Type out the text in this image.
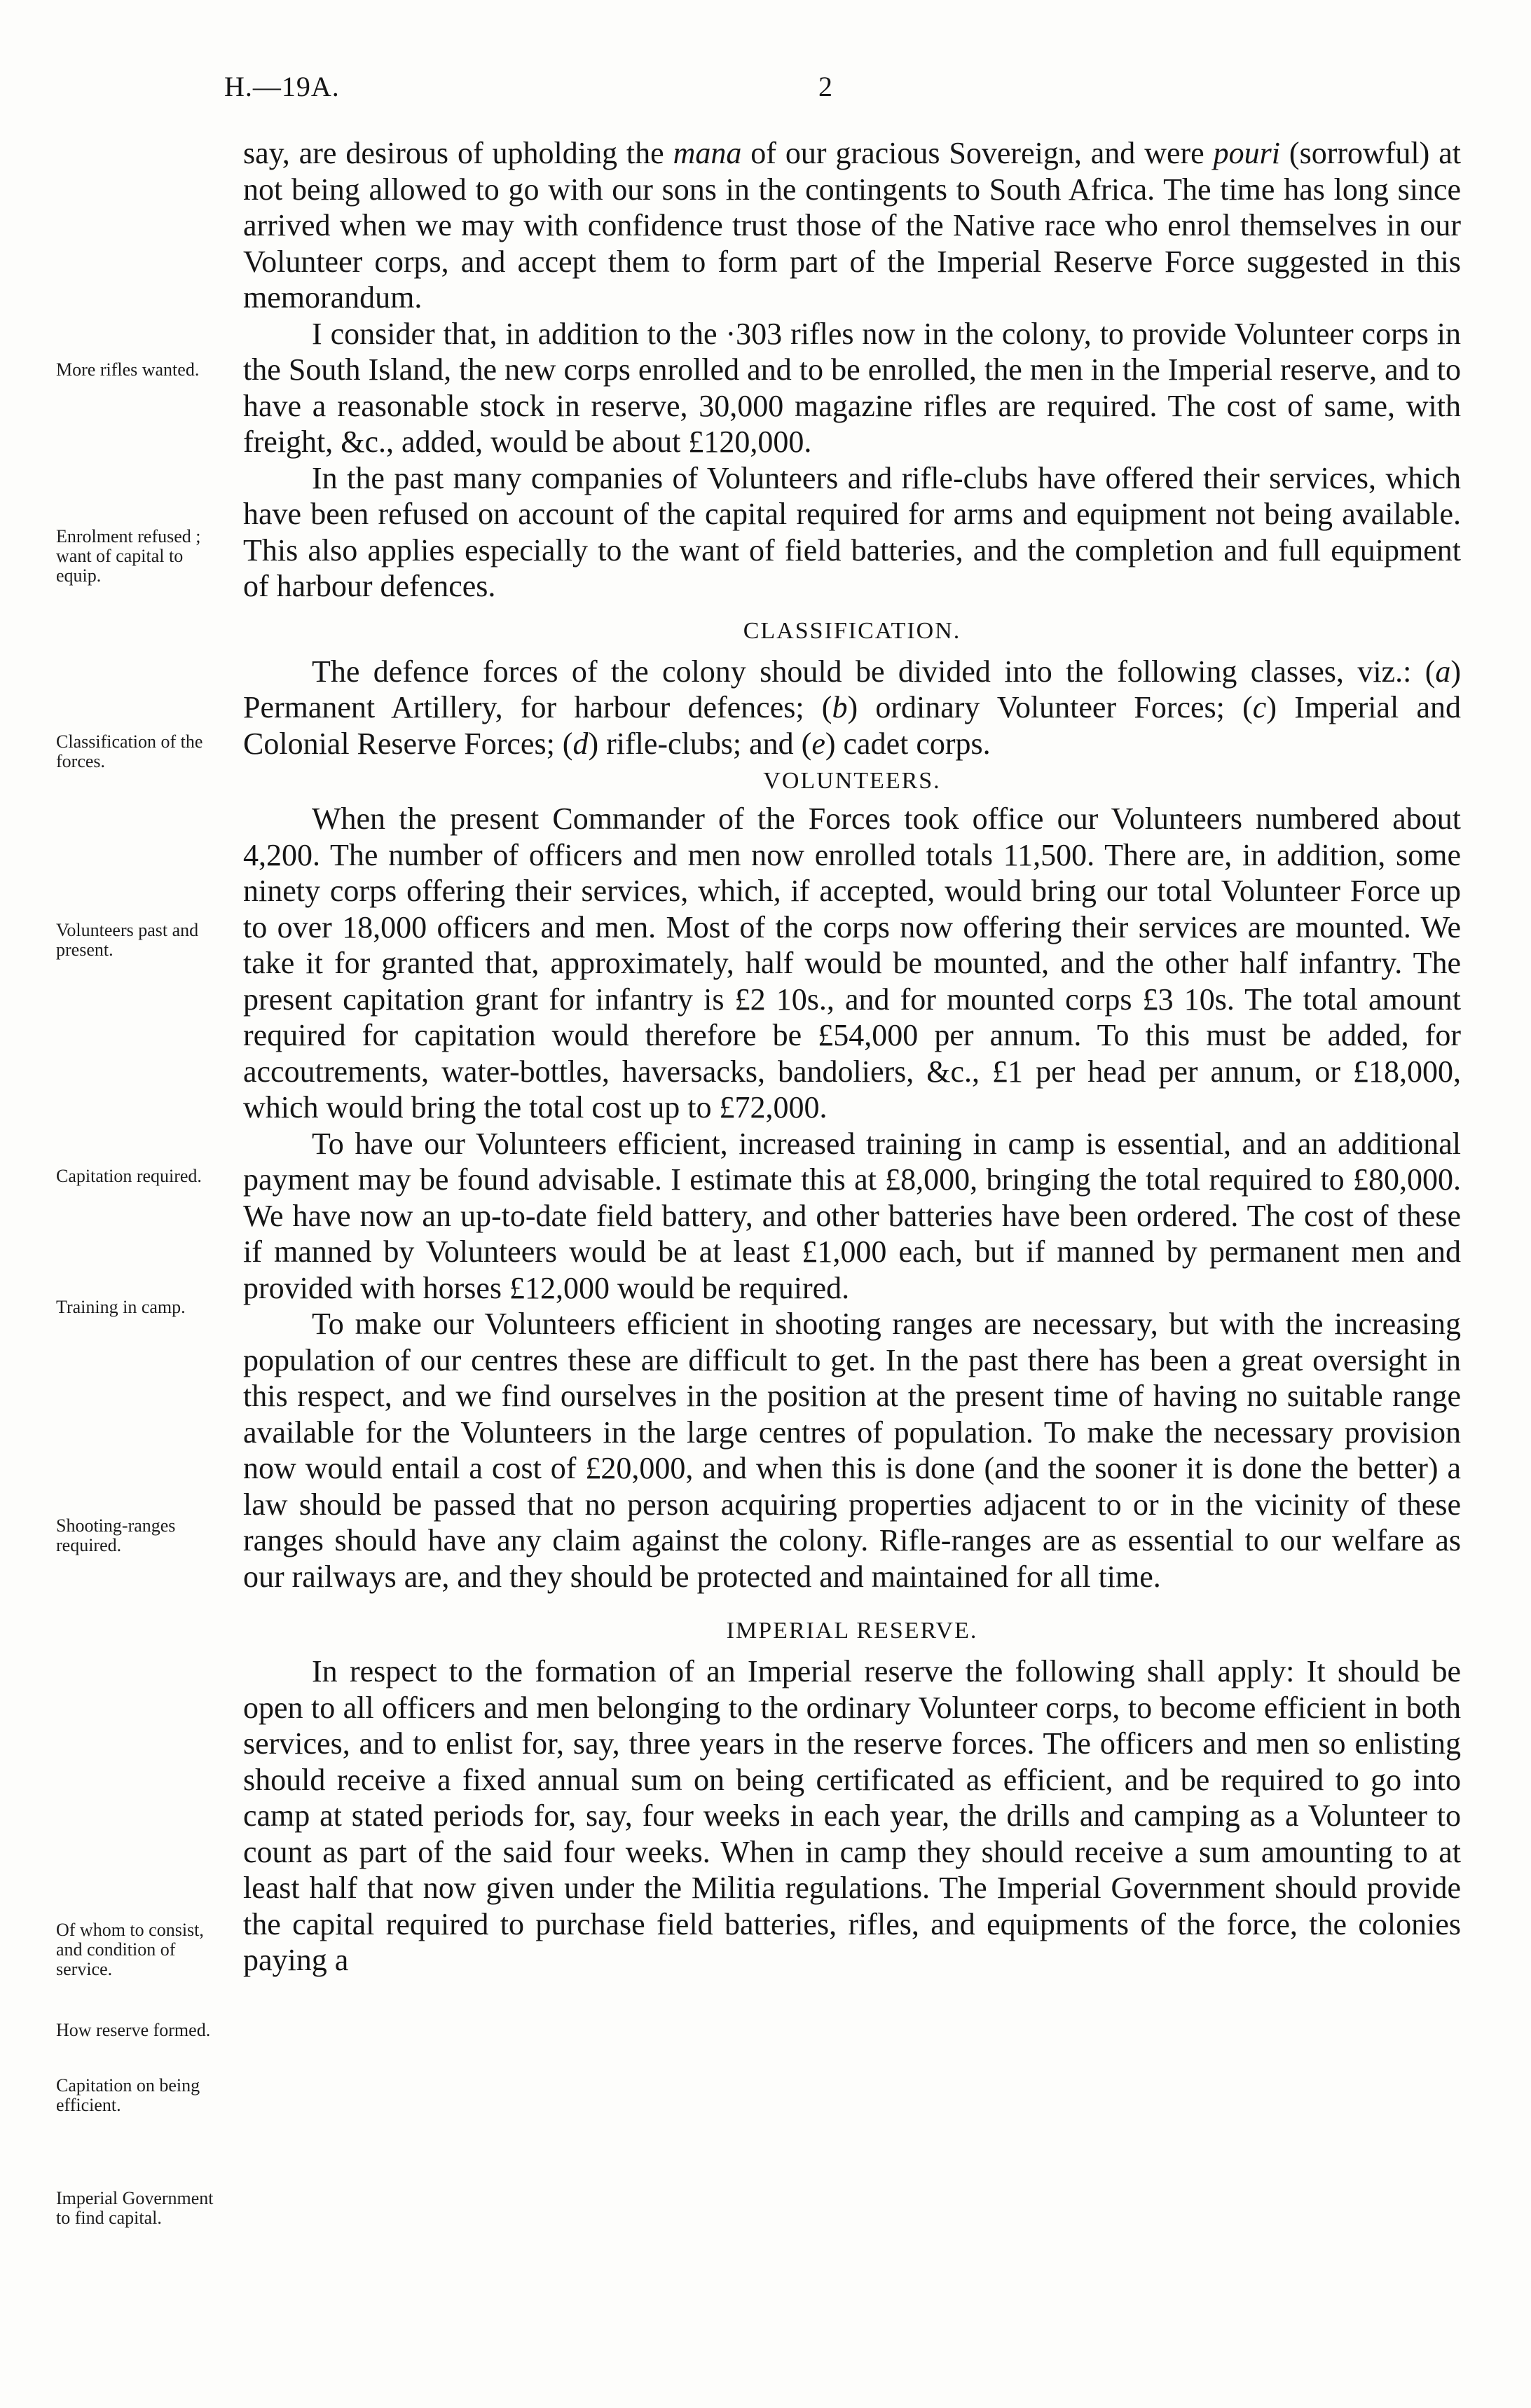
H.—19A.	2
More rifles wanted.
Enrolment refused ; want of capital to equip.
Classification of the forces.
Volunteers past and present.
Capitation required.
Training in camp.
Shooting-ranges required.
Of whom to consist, and condition of service.
How reserve formed.
Capitation on being efficient.
Imperial Government to find capital.

say, are desirous of upholding the mana of our gracious Sovereign, and were pouri (sorrowful) at not being allowed to go with our sons in the contingents to South Africa. The time has long since arrived when we may with confidence trust those of the Native race who enrol themselves in our Volunteer corps, and accept them to form part of the Imperial Reserve Force suggested in this memorandum.

I consider that, in addition to the ·303 rifles now in the colony, to provide Volunteer corps in the South Island, the new corps enrolled and to be enrolled, the men in the Imperial reserve, and to have a reasonable stock in reserve, 30,000 magazine rifles are required. The cost of same, with freight, &c., added, would be about £120,000.

In the past many companies of Volunteers and rifle-clubs have offered their services, which have been refused on account of the capital required for arms and equipment not being available. This also applies especially to the want of field batteries, and the completion and full equipment of harbour defences.

CLASSIFICATION.

The defence forces of the colony should be divided into the following classes, viz.: (a) Permanent Artillery, for harbour defences; (b) ordinary Volunteer Forces; (c) Imperial and Colonial Reserve Forces; (d) rifle-clubs; and (e) cadet corps.

VOLUNTEERS.

When the present Commander of the Forces took office our Volunteers numbered about 4,200. The number of officers and men now enrolled totals 11,500. There are, in addition, some ninety corps offering their services, which, if accepted, would bring our total Volunteer Force up to over 18,000 officers and men. Most of the corps now offering their services are mounted. We take it for granted that, approximately, half would be mounted, and the other half infantry. The present capitation grant for infantry is £2 10s., and for mounted corps £3 10s. The total amount required for capitation would therefore be £54,000 per annum. To this must be added, for accoutrements, water-bottles, haversacks, bandoliers, &c., £1 per head per annum, or £18,000, which would bring the total cost up to £72,000.

To have our Volunteers efficient, increased training in camp is essential, and an additional payment may be found advisable. I estimate this at £8,000, bringing the total required to £80,000. We have now an up-to-date field battery, and other batteries have been ordered. The cost of these if manned by Volunteers would be at least £1,000 each, but if manned by permanent men and provided with horses £12,000 would be required.

To make our Volunteers efficient in shooting ranges are necessary, but with the increasing population of our centres these are difficult to get. In the past there has been a great oversight in this respect, and we find ourselves in the position at the present time of having no suitable range available for the Volunteers in the large centres of population. To make the necessary provision now would entail a cost of £20,000, and when this is done (and the sooner it is done the better) a law should be passed that no person acquiring properties adjacent to or in the vicinity of these ranges should have any claim against the colony. Rifle-ranges are as essential to our welfare as our railways are, and they should be protected and maintained for all time.

IMPERIAL RESERVE.

In respect to the formation of an Imperial reserve the following shall apply: It should be open to all officers and men belonging to the ordinary Volunteer corps, to become efficient in both services, and to enlist for, say, three years in the reserve forces. The officers and men so enlisting should receive a fixed annual sum on being certificated as efficient, and be required to go into camp at stated periods for, say, four weeks in each year, the drills and camping as a Volunteer to count as part of the said four weeks. When in camp they should receive a sum amounting to at least half that now given under the Militia regulations. The Imperial Government should provide the capital required to purchase field batteries, rifles, and equipments of the force, the colonies paying a
